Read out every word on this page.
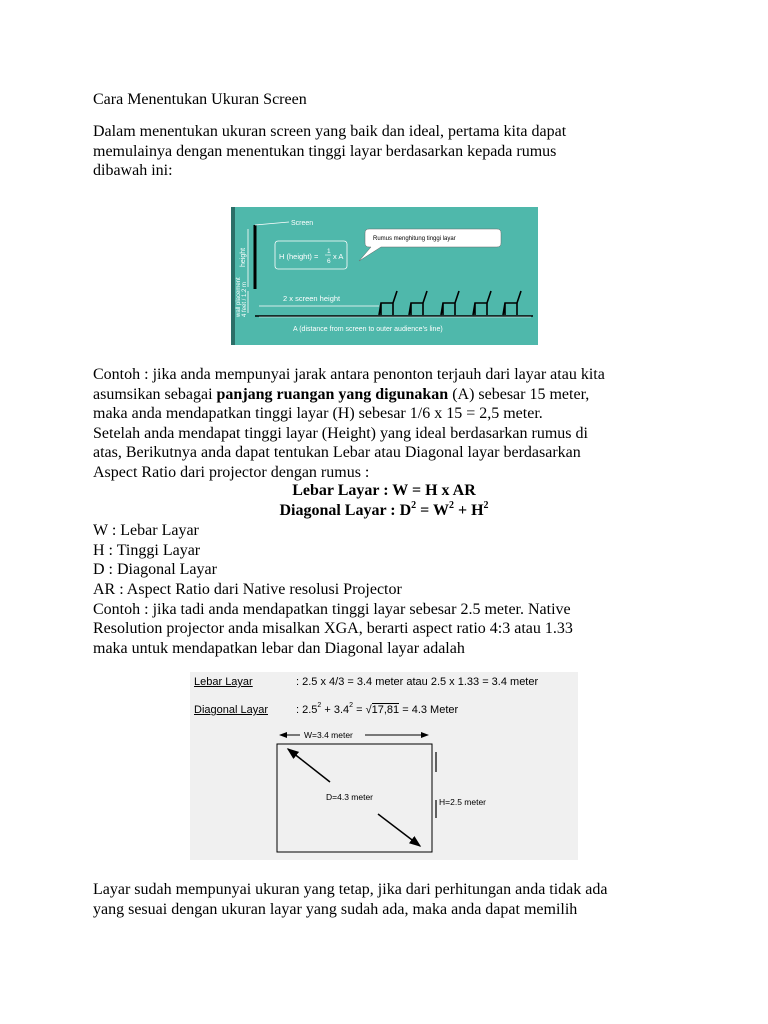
Cara Menentukan Ukuran Screen
Dalam menentukan ukuran screen yang baik dan ideal, pertama kita dapat
memulainya dengan menentukan tinggi layar berdasarkan kepada rumus
dibawah ini:
Screen
height
wall placement 4 feet / 1.2 m
H (height) =
1
6
x A
Rumus menghitung tinggi layar
2 x screen height
A (distance from screen to outer audience’s line)
Contoh : jika anda mempunyai jarak antara penonton terjauh dari layar atau kita
asumsikan sebagai panjang ruangan yang digunakan (A) sebesar 15 meter,
maka anda mendapatkan tinggi layar (H) sebesar 1/6 x 15 = 2,5 meter.
Setelah anda mendapat tinggi layar (Height) yang ideal berdasarkan rumus di
atas, Berikutnya anda dapat tentukan Lebar atau Diagonal layar berdasarkan
Aspect Ratio dari projector dengan rumus :
Lebar Layar : W = H x AR
Diagonal Layar : $D^2 = W^2 + H^2$
W : Lebar Layar
H : Tinggi Layar
D : Diagonal Layar
AR : Aspect Ratio dari Native resolusi Projector
Contoh : jika tadi anda mendapatkan tinggi layar sebesar 2.5 meter. Native
Resolution projector anda misalkan XGA, berarti aspect ratio 4:3 atau 1.33
maka untuk mendapatkan lebar dan Diagonal layar adalah
Lebar Layar	: 2.5 x 4/3 = 3.4 meter atau 2.5 x 1.33 = 3.4 meter
Diagonal Layar	: $2.5^2 + 3.4^2 = √17,81 = 4.3$ Meter
W=3.4 meter
D=4.3 meter	H=2.5 meter
Layar sudah mempunyai ukuran yang tetap, jika dari perhitungan anda tidak ada
yang sesuai dengan ukuran layar yang sudah ada, maka anda dapat memilih
